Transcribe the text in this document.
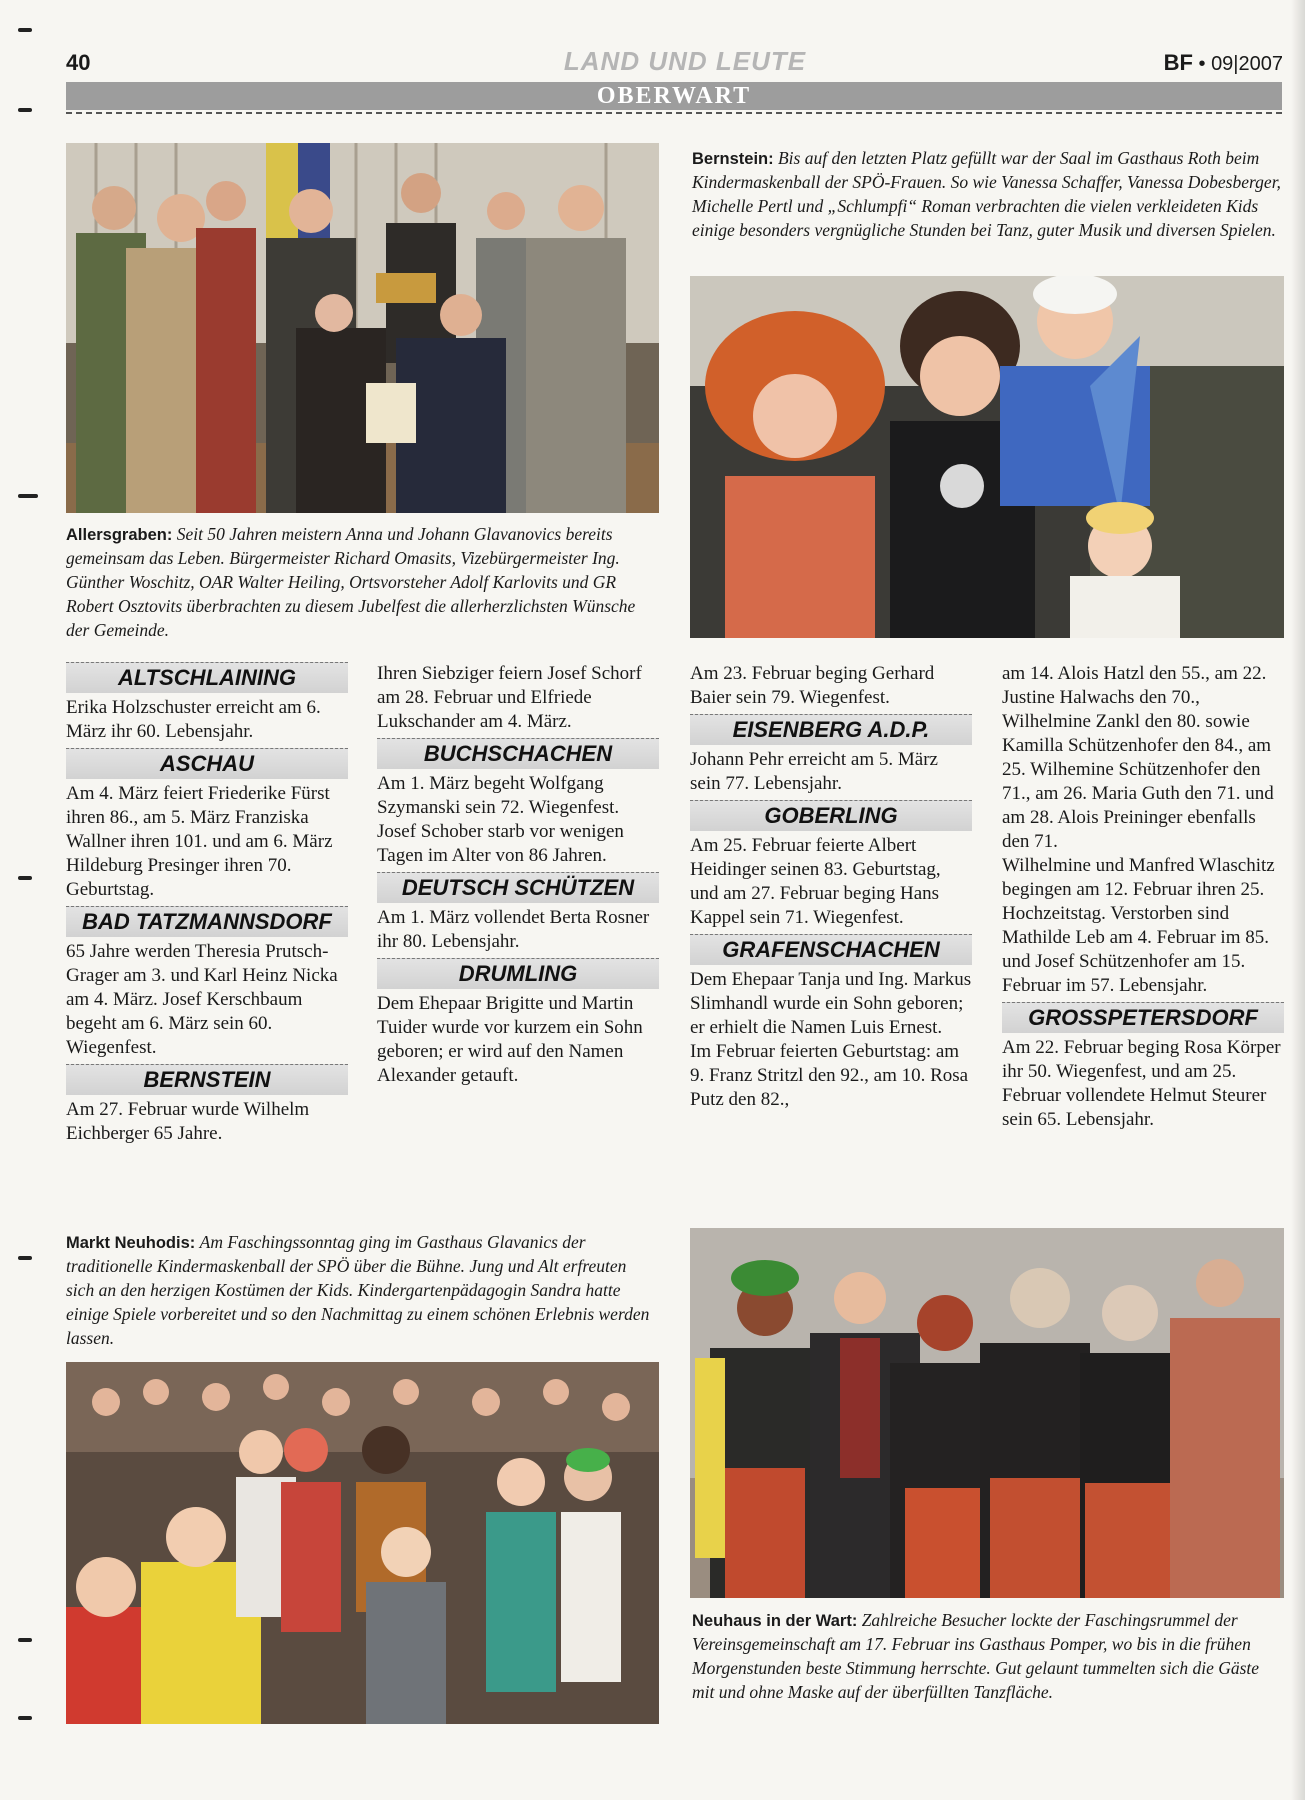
40	LAND UND LEUTE	BF • 09|2007
OBERWART
Allersgraben: Seit 50 Jahren meistern Anna und Johann Glavanovics bereits gemeinsam das Leben. Bürgermeister Richard Omasits, Vizebürgermeister Ing. Günther Woschitz, OAR Walter Heiling, Ortsvorsteher Adolf Karlovits und GR Robert Osztovits überbrachten zu diesem Jubelfest die allerherzlichsten Wünsche der Gemeinde.
Bernstein: Bis auf den letzten Platz gefüllt war der Saal im Gasthaus Roth beim Kindermaskenball der SPÖ-Frauen. So wie Vanessa Schaffer, Vanessa Dobesberger, Michelle Pertl und „Schlumpfi“ Roman verbrachten die vielen verkleideten Kids einige besonders vergnügliche Stunden bei Tanz, guter Musik und diversen Spielen.
ALTSCHLAINING
Erika Holzschuster erreicht am 6. März ihr 60. Lebensjahr.
ASCHAU
Am 4. März feiert Friederike Fürst ihren 86., am 5. März Franziska Wallner ihren 101. und am 6. März Hildeburg Presinger ihren 70. Geburtstag.
BAD TATZMANNSDORF
65 Jahre werden Theresia Prutsch-Grager am 3. und Karl Heinz Nicka am 4. März. Josef Kerschbaum begeht am 6. März sein 60. Wiegenfest.
BERNSTEIN
Am 27. Februar wurde Wilhelm Eichberger 65 Jahre.
Ihren Siebziger feiern Josef Schorf am 28. Februar und Elfriede Lukschander am 4. März.
BUCHSCHACHEN
Am 1. März begeht Wolfgang Szymanski sein 72. Wiegenfest.
Josef Schober starb vor wenigen Tagen im Alter von 86 Jahren.
DEUTSCH SCHÜTZEN
Am 1. März vollendet Berta Rosner ihr 80. Lebensjahr.
DRUMLING
Dem Ehepaar Brigitte und Martin Tuider wurde vor kurzem ein Sohn geboren; er wird auf den Namen Alexander getauft.
Am 23. Februar beging Gerhard Baier sein 79. Wiegenfest.
EISENBERG A.D.P.
Johann Pehr erreicht am 5. März sein 77. Lebensjahr.
GOBERLING
Am 25. Februar feierte Albert Heidinger seinen 83. Geburtstag, und am 27. Februar beging Hans Kappel sein 71. Wiegenfest.
GRAFENSCHACHEN
Dem Ehepaar Tanja und Ing. Markus Slimhandl wurde ein Sohn geboren; er erhielt die Namen Luis Ernest.
Im Februar feierten Geburtstag: am 9. Franz Stritzl den 92., am 10. Rosa Putz den 82.,
am 14. Alois Hatzl den 55., am 22. Justine Halwachs den 70., Wilhelmine Zankl den 80. sowie Kamilla Schützenhofer den 84., am 25. Wilhemine Schützenhofer den 71., am 26. Maria Guth den 71. und am 28. Alois Preininger ebenfalls den 71.
Wilhelmine und Manfred Wlaschitz begingen am 12. Februar ihren 25. Hochzeitstag. Verstorben sind Mathilde Leb am 4. Februar im 85. und Josef Schützenhofer am 15. Februar im 57. Lebensjahr.
GROSSPETERSDORF
Am 22. Februar beging Rosa Körper ihr 50. Wiegenfest, und am 25. Februar vollendete Helmut Steurer sein 65. Lebensjahr.
Markt Neuhodis: Am Faschingssonntag ging im Gasthaus Glavanics der traditionelle Kindermaskenball der SPÖ über die Bühne. Jung und Alt erfreuten sich an den herzigen Kostümen der Kids. Kindergartenpädagogin Sandra hatte einige Spiele vorbereitet und so den Nachmittag zu einem schönen Erlebnis werden lassen.
Neuhaus in der Wart: Zahlreiche Besucher lockte der Faschingsrummel der Vereinsgemeinschaft am 17. Februar ins Gasthaus Pomper, wo bis in die frühen Morgenstunden beste Stimmung herrschte. Gut gelaunt tummelten sich die Gäste mit und ohne Maske auf der überfüllten Tanzfläche.
